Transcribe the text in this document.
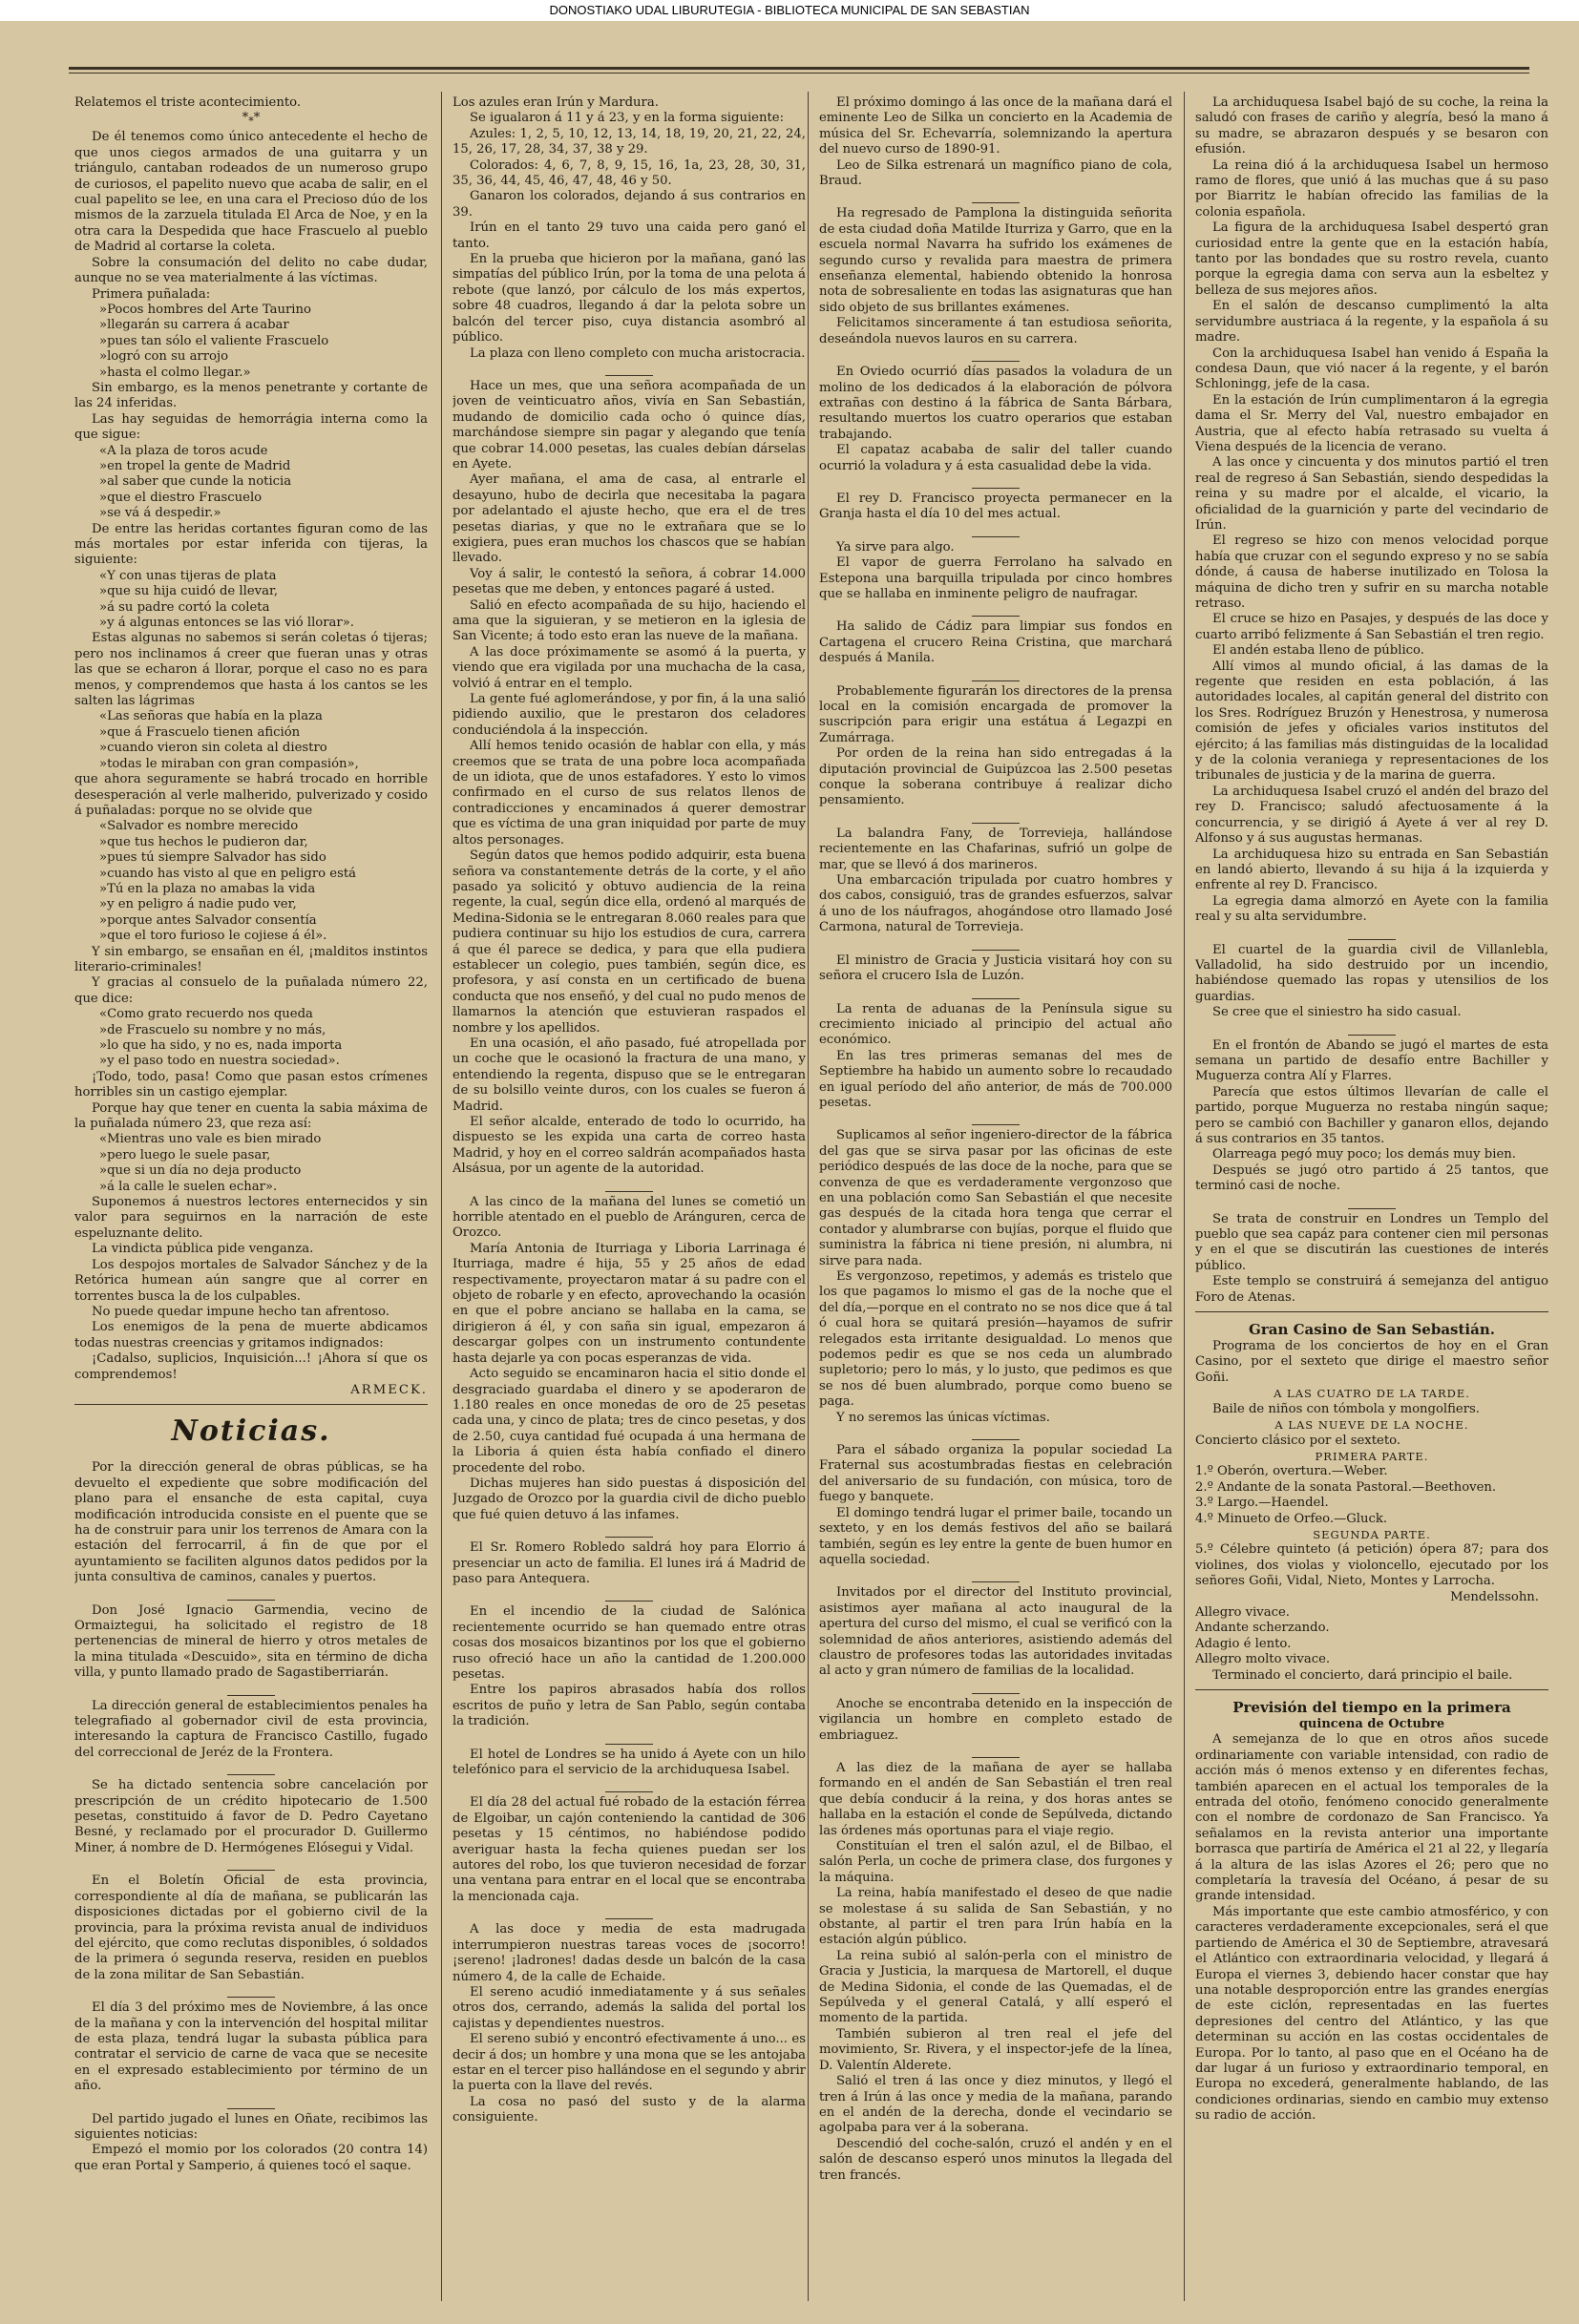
DONOSTIAKO UDAL LIBURUTEGIA - BIBLIOTECA MUNICIPAL DE SAN SEBASTIAN

Relatemos el triste acontecimiento.

$*_**$

De él tenemos como único antecedente el hecho de que unos ciegos armados de una guitarra y un triángulo, cantaban rodeados de un numeroso grupo de curiosos, el papelito nuevo que acaba de salir, en el cual papelito se lee, en una cara el Precioso dúo de los mismos de la zarzuela titulada El Arca de Noe, y en la otra cara la Despedida que hace Frascuelo al pueblo de Madrid al cortarse la coleta.

Sobre la consumación del delito no cabe dudar, aunque no se vea materialmente á las víctimas.

Primera puñalada:

»Pocos hombres del Arte Taurino

»llegarán su carrera á acabar

»pues tan sólo el valiente Frascuelo

»logró con su arrojo

»hasta el colmo llegar.»

Sin embargo, es la menos penetrante y cortante de las 24 inferidas.

Las hay seguidas de hemorrágia interna como la que sigue:

«A la plaza de toros acude

»en tropel la gente de Madrid

»al saber que cunde la noticia

»que el diestro Frascuelo

»se vá á despedir.»

De entre las heridas cortantes figuran como de las más mortales por estar inferida con tijeras, la siguiente:

«Y con unas tijeras de plata

»que su hija cuidó de llevar,

»á su padre cortó la coleta

»y á algunas entonces se las vió llorar».

Estas algunas no sabemos si serán coletas ó tijeras; pero nos inclinamos á creer que fueran unas y otras las que se echaron á llorar, porque el caso no es para menos, y comprendemos que hasta á los cantos se les salten las lágrimas

«Las señoras que había en la plaza

»que á Frascuelo tienen afición

»cuando vieron sin coleta al diestro

»todas le miraban con gran compasión»,

que ahora seguramente se habrá trocado en horrible desesperación al verle malherido, pulverizado y cosido á puñaladas: porque no se olvide que

«Salvador es nombre merecido

»que tus hechos le pudieron dar,

»pues tú siempre Salvador has sido

»cuando has visto al que en peligro está

»Tú en la plaza no amabas la vida

»y en peligro á nadie pudo ver,

»porque antes Salvador consentía

»que el toro furioso le cojiese á él».

Y sin embargo, se ensañan en él, ¡malditos instintos literario-criminales!

Y gracias al consuelo de la puñalada número 22, que dice:

«Como grato recuerdo nos queda

»de Frascuelo su nombre y no más,

»lo que ha sido, y no es, nada importa

»y el paso todo en nuestra sociedad».

¡Todo, todo, pasa! Como que pasan estos crímenes horribles sin un castigo ejemplar.

Porque hay que tener en cuenta la sabia máxima de la puñalada número 23, que reza así:

«Mientras uno vale es bien mirado

»pero luego le suele pasar,

»que si un día no deja producto

»á la calle le suelen echar».

Suponemos á nuestros lectores enternecidos y sin valor para seguirnos en la narración de este espeluznante delito.

La vindicta pública pide venganza.

Los despojos mortales de Salvador Sánchez y de la Retórica humean aún sangre que al correr en torrentes busca la de los culpables.

No puede quedar impune hecho tan afrentoso.

Los enemigos de la pena de muerte abdicamos todas nuestras creencias y gritamos indignados:

¡Cadalso, suplicios, Inquisición...! ¡Ahora sí que os comprendemos!

ARMECK.

Noticias.

Por la dirección general de obras públicas, se ha devuelto el expediente que sobre modificación del plano para el ensanche de esta capital, cuya modificación introducida consiste en el puente que se ha de construir para unir los terrenos de Amara con la estación del ferrocarril, á fin de que por el ayuntamiento se faciliten algunos datos pedidos por la junta consultiva de caminos, canales y puertos.

Don José Ignacio Garmendia, vecino de Ormaiztegui, ha solicitado el registro de 18 pertenencias de mineral de hierro y otros metales de la mina titulada «Descuido», sita en término de dicha villa, y punto llamado prado de Sagastiberriarán.

La dirección general de establecimientos penales ha telegrafiado al gobernador civil de esta provincia, interesando la captura de Francisco Castillo, fugado del correccional de Jeréz de la Frontera.

Se ha dictado sentencia sobre cancelación por prescripción de un crédito hipotecario de 1.500 pesetas, constituido á favor de D. Pedro Cayetano Besné, y reclamado por el procurador D. Guillermo Miner, á nombre de D. Hermógenes Elósegui y Vidal.

En el Boletín Oficial de esta provincia, correspondiente al día de mañana, se publicarán las disposiciones dictadas por el gobierno civil de la provincia, para la próxima revista anual de individuos del ejército, que como reclutas disponibles, ó soldados de la primera ó segunda reserva, residen en pueblos de la zona militar de San Sebastián.

El día 3 del próximo mes de Noviembre, á las once de la mañana y con la intervención del hospital militar de esta plaza, tendrá lugar la subasta pública para contratar el servicio de carne de vaca que se necesite en el expresado establecimiento por término de un año.

Del partido jugado el lunes en Oñate, recibimos las siguientes noticias:

Empezó el momio por los colorados (20 contra 14) que eran Portal y Samperio, á quienes tocó el saque.

Los azules eran Irún y Mardura.

Se igualaron á 11 y á 23, y en la forma siguiente:

Azules: 1, 2, 5, 10, 12, 13, 14, 18, 19, 20, 21, 22, 24, 15, 26, 17, 28, 34, 37, 38 y 29.

Colorados: 4, 6, 7, 8, 9, 15, 16, 1a, 23, 28, 30, 31, 35, 36, 44, 45, 46, 47, 48, 46 y 50.

Ganaron los colorados, dejando á sus contrarios en 39.

Irún en el tanto 29 tuvo una caida pero ganó el tanto.

En la prueba que hicieron por la mañana, ganó las simpatías del público Irún, por la toma de una pelota á rebote (que lanzó, por cálculo de los más expertos, sobre 48 cuadros, llegando á dar la pelota sobre un balcón del tercer piso, cuya distancia asombró al público.

La plaza con lleno completo con mucha aristocracia.

Hace un mes, que una señora acompañada de un joven de veinticuatro años, vivía en San Sebastián, mudando de domicilio cada ocho ó quince días, marchándose siempre sin pagar y alegando que tenía que cobrar 14.000 pesetas, las cuales debían dárselas en Ayete.

Ayer mañana, el ama de casa, al entrarle el desayuno, hubo de decirla que necesitaba la pagara por adelantado el ajuste hecho, que era el de tres pesetas diarias, y que no le extrañara que se lo exigiera, pues eran muchos los chascos que se habían llevado.

Voy á salir, le contestó la señora, á cobrar 14.000 pesetas que me deben, y entonces pagaré á usted.

Salió en efecto acompañada de su hijo, haciendo el ama que la siguieran, y se metieron en la iglesia de San Vicente; á todo esto eran las nueve de la mañana.

A las doce próximamente se asomó á la puerta, y viendo que era vigilada por una muchacha de la casa, volvió á entrar en el templo.

La gente fué aglomerándose, y por fin, á la una salió pidiendo auxilio, que le prestaron dos celadores conduciéndola á la inspección.

Allí hemos tenido ocasión de hablar con ella, y más creemos que se trata de una pobre loca acompañada de un idiota, que de unos estafadores. Y esto lo vimos confirmado en el curso de sus relatos llenos de contradicciones y encaminados á querer demostrar que es víctima de una gran iniquidad por parte de muy altos personages.

Según datos que hemos podido adquirir, esta buena señora va constantemente detrás de la corte, y el año pasado ya solicitó y obtuvo audiencia de la reina regente, la cual, según dice ella, ordenó al marqués de Medina-Sidonia se le entregaran 8.060 reales para que pudiera continuar su hijo los estudios de cura, carrera á que él parece se dedica, y para que ella pudiera establecer un colegio, pues también, según dice, es profesora, y así consta en un certificado de buena conducta que nos enseñó, y del cual no pudo menos de llamarnos la atención que estuvieran raspados el nombre y los apellidos.

En una ocasión, el año pasado, fué atropellada por un coche que le ocasionó la fractura de una mano, y entendiendo la regenta, dispuso que se le entregaran de su bolsillo veinte duros, con los cuales se fueron á Madrid.

El señor alcalde, enterado de todo lo ocurrido, ha dispuesto se les expida una carta de correo hasta Madrid, y hoy en el correo saldrán acompañados hasta Alsásua, por un agente de la autoridad.

A las cinco de la mañana del lunes se cometió un horrible atentado en el pueblo de Aránguren, cerca de Orozco.

María Antonia de Iturriaga y Liboria Larrinaga é Iturriaga, madre é hija, 55 y 25 años de edad respectivamente, proyectaron matar á su padre con el objeto de robarle y en efecto, aprovechando la ocasión en que el pobre anciano se hallaba en la cama, se dirigieron á él, y con saña sin igual, empezaron á descargar golpes con un instrumento contundente hasta dejarle ya con pocas esperanzas de vida.

Acto seguido se encaminaron hacia el sitio donde el desgraciado guardaba el dinero y se apoderaron de 1.180 reales en once monedas de oro de 25 pesetas cada una, y cinco de plata; tres de cinco pesetas, y dos de 2.50, cuya cantidad fué ocupada á una hermana de la Liboria á quien ésta había confiado el dinero procedente del robo.

Dichas mujeres han sido puestas á disposición del Juzgado de Orozco por la guardia civil de dicho pueblo que fué quien detuvo á las infames.

El Sr. Romero Robledo saldrá hoy para Elorrio á presenciar un acto de familia. El lunes irá á Madrid de paso para Antequera.

En el incendio de la ciudad de Salónica recientemente ocurrido se han quemado entre otras cosas dos mosaicos bizantinos por los que el gobierno ruso ofreció hace un año la cantidad de 1.200.000 pesetas.

Entre los papiros abrasados había dos rollos escritos de puño y letra de San Pablo, según contaba la tradición.

El hotel de Londres se ha unido á Ayete con un hilo telefónico para el servicio de la archiduquesa Isabel.

El día 28 del actual fué robado de la estación férrea de Elgoibar, un cajón conteniendo la cantidad de 306 pesetas y 15 céntimos, no habiéndose podido averiguar hasta la fecha quienes puedan ser los autores del robo, los que tuvieron necesidad de forzar una ventana para entrar en el local que se encontraba la mencionada caja.

A las doce y media de esta madrugada interrumpieron nuestras tareas voces de ¡socorro! ¡sereno! ¡ladrones! dadas desde un balcón de la casa número 4, de la calle de Echaide.

El sereno acudió inmediatamente y á sus señales otros dos, cerrando, además la salida del portal los cajistas y dependientes nuestros.

El sereno subió y encontró efectivamente á uno... es decir á dos; un hombre y una mona que se les antojaba estar en el tercer piso hallándose en el segundo y abrir la puerta con la llave del revés.

La cosa no pasó del susto y de la alarma consiguiente.

El próximo domingo á las once de la mañana dará el eminente Leo de Silka un concierto en la Academia de música del Sr. Echevarría, solemnizando la apertura del nuevo curso de 1890-91.

Leo de Silka estrenará un magnífico piano de cola, Braud.

Ha regresado de Pamplona la distinguida señorita de esta ciudad doña Matilde Iturriza y Garro, que en la escuela normal Navarra ha sufrido los exámenes de segundo curso y revalida para maestra de primera enseñanza elemental, habiendo obtenido la honrosa nota de sobresaliente en todas las asignaturas que han sido objeto de sus brillantes exámenes.

Felicitamos sinceramente á tan estudiosa señorita, deseándola nuevos lauros en su carrera.

En Oviedo ocurrió días pasados la voladura de un molino de los dedicados á la elaboración de pólvora extrañas con destino á la fábrica de Santa Bárbara, resultando muertos los cuatro operarios que estaban trabajando.

El capataz acababa de salir del taller cuando ocurrió la voladura y á esta casualidad debe la vida.

El rey D. Francisco proyecta permanecer en la Granja hasta el día 10 del mes actual.

Ya sirve para algo.

El vapor de guerra Ferrolano ha salvado en Estepona una barquilla tripulada por cinco hombres que se hallaba en inminente peligro de naufragar.

Ha salido de Cádiz para limpiar sus fondos en Cartagena el crucero Reina Cristina, que marchará después á Manila.

Probablemente figurarán los directores de la prensa local en la comisión encargada de promover la suscripción para erigir una estátua á Legazpi en Zumárraga.

Por orden de la reina han sido entregadas á la diputación provincial de Guipúzcoa las 2.500 pesetas conque la soberana contribuye á realizar dicho pensamiento.

La balandra Fany, de Torrevieja, hallándose recientemente en las Chafarinas, sufrió un golpe de mar, que se llevó á dos marineros.

Una embarcación tripulada por cuatro hombres y dos cabos, consiguió, tras de grandes esfuerzos, salvar á uno de los náufragos, ahogándose otro llamado José Carmona, natural de Torrevieja.

El ministro de Gracia y Justicia visitará hoy con su señora el crucero Isla de Luzón.

La renta de aduanas de la Península sigue su crecimiento iniciado al principio del actual año económico.

En las tres primeras semanas del mes de Septiembre ha habido un aumento sobre lo recaudado en igual período del año anterior, de más de 700.000 pesetas.

Suplicamos al señor ingeniero-director de la fábrica del gas que se sirva pasar por las oficinas de este periódico después de las doce de la noche, para que se convenza de que es verdaderamente vergonzoso que en una población como San Sebastián el que necesite gas después de la citada hora tenga que cerrar el contador y alumbrarse con bujías, porque el fluido que suministra la fábrica ni tiene presión, ni alumbra, ni sirve para nada.

Es vergonzoso, repetimos, y además es tristelo que los que pagamos lo mismo el gas de la noche que el del día,—porque en el contrato no se nos dice que á tal ó cual hora se quitará presión—hayamos de sufrir relegados esta irritante desigualdad. Lo menos que podemos pedir es que se nos ceda un alumbrado supletorio; pero lo más, y lo justo, que pedimos es que se nos dé buen alumbrado, porque como bueno se paga.

Y no seremos las únicas víctimas.

Para el sábado organiza la popular sociedad La Fraternal sus acostumbradas fiestas en celebración del aniversario de su fundación, con música, toro de fuego y banquete.

El domingo tendrá lugar el primer baile, tocando un sexteto, y en los demás festivos del año se bailará también, según es ley entre la gente de buen humor en aquella sociedad.

Invitados por el director del Instituto provincial, asistimos ayer mañana al acto inaugural de la apertura del curso del mismo, el cual se verificó con la solemnidad de años anteriores, asistiendo además del claustro de profesores todas las autoridades invitadas al acto y gran número de familias de la localidad.

Anoche se encontraba detenido en la inspección de vigilancia un hombre en completo estado de embriaguez.

A las diez de la mañana de ayer se hallaba formando en el andén de San Sebastián el tren real que debía conducir á la reina, y dos horas antes se hallaba en la estación el conde de Sepúlveda, dictando las órdenes más oportunas para el viaje regio.

Constituían el tren el salón azul, el de Bilbao, el salón Perla, un coche de primera clase, dos furgones y la máquina.

La reina, había manifestado el deseo de que nadie se molestase á su salida de San Sebastián, y no obstante, al partir el tren para Irún había en la estación algún público.

La reina subió al salón-perla con el ministro de Gracia y Justicia, la marquesa de Martorell, el duque de Medina Sidonia, el conde de las Quemadas, el de Sepúlveda y el general Catalá, y allí esperó el momento de la partida.

También subieron al tren real el jefe del movimiento, Sr. Rivera, y el inspector-jefe de la línea, D. Valentín Alderete.

Salió el tren á las once y diez minutos, y llegó el tren á Irún á las once y media de la mañana, parando en el andén de la derecha, donde el vecindario se agolpaba para ver á la soberana.

Descendió del coche-salón, cruzó el andén y en el salón de descanso esperó unos minutos la llegada del tren francés.

La archiduquesa Isabel bajó de su coche, la reina la saludó con frases de cariño y alegría, besó la mano á su madre, se abrazaron después y se besaron con efusión.

La reina dió á la archiduquesa Isabel un hermoso ramo de flores, que unió á las muchas que á su paso por Biarritz le habían ofrecido las familias de la colonia española.

La figura de la archiduquesa Isabel despertó gran curiosidad entre la gente que en la estación había, tanto por las bondades que su rostro revela, cuanto porque la egregia dama con serva aun la esbeltez y belleza de sus mejores años.

En el salón de descanso cumplimentó la alta servidumbre austriaca á la regente, y la española á su madre.

Con la archiduquesa Isabel han venido á España la condesa Daun, que vió nacer á la regente, y el barón Schloningg, jefe de la casa.

En la estación de Irún cumplimentaron á la egregia dama el Sr. Merry del Val, nuestro embajador en Austria, que al efecto había retrasado su vuelta á Viena después de la licencia de verano.

A las once y cincuenta y dos minutos partió el tren real de regreso á San Sebastián, siendo despedidas la reina y su madre por el alcalde, el vicario, la oficialidad de la guarnición y parte del vecindario de Irún.

El regreso se hizo con menos velocidad porque había que cruzar con el segundo expreso y no se sabía dónde, á causa de haberse inutilizado en Tolosa la máquina de dicho tren y sufrir en su marcha notable retraso.

El cruce se hizo en Pasajes, y después de las doce y cuarto arribó felizmente á San Sebastián el tren regio.

El andén estaba lleno de público.

Allí vimos al mundo oficial, á las damas de la regente que residen en esta población, á las autoridades locales, al capitán general del distrito con los Sres. Rodríguez Bruzón y Henestrosa, y numerosa comisión de jefes y oficiales varios institutos del ejército; á las familias más distinguidas de la localidad y de la colonia veraniega y representaciones de los tribunales de justicia y de la marina de guerra.

La archiduquesa Isabel cruzó el andén del brazo del rey D. Francisco; saludó afectuosamente á la concurrencia, y se dirigió á Ayete á ver al rey D. Alfonso y á sus augustas hermanas.

La archiduquesa hizo su entrada en San Sebastián en landó abierto, llevando á su hija á la izquierda y enfrente al rey D. Francisco.

La egregia dama almorzó en Ayete con la familia real y su alta servidumbre.

El cuartel de la guardia civil de Villanlebla, Valladolid, ha sido destruido por un incendio, habiéndose quemado las ropas y utensilios de los guardias.

Se cree que el siniestro ha sido casual.

En el frontón de Abando se jugó el martes de esta semana un partido de desafío entre Bachiller y Muguerza contra Alí y Flarres.

Parecía que estos últimos llevarían de calle el partido, porque Muguerza no restaba ningún saque; pero se cambió con Bachiller y ganaron ellos, dejando á sus contrarios en 35 tantos.

Olarreaga pegó muy poco; los demás muy bien.

Después se jugó otro partido á 25 tantos, que terminó casi de noche.

Se trata de construir en Londres un Templo del pueblo que sea capáz para contener cien mil personas y en el que se discutirán las cuestiones de interés público.

Este templo se construirá á semejanza del antiguo Foro de Atenas.

Gran Casino de San Sebastián.

Programa de los conciertos de hoy en el Gran Casino, por el sexteto que dirige el maestro señor Goñi.

A LAS CUATRO DE LA TARDE.

Baile de niños con tómbola y mongolfiers.

A LAS NUEVE DE LA NOCHE.

Concierto clásico por el sexteto.

PRIMERA PARTE.

1.º Oberón, overtura.—Weber.

2.º Andante de la sonata Pastoral.—Beethoven.

3.º Largo.—Haendel.

4.º Minueto de Orfeo.—Gluck.

SEGUNDA PARTE.

5.º Célebre quinteto (á petición) ópera 87; para dos violines, dos violas y violoncello, ejecutado por los señores Goñi, Vidal, Nieto, Montes y Larrocha.

Mendelssohn.

Allegro vivace.

Andante scherzando.

Adagio é lento.

Allegro molto vivace.

Terminado el concierto, dará principio el baile.

Previsión del tiempo en la primera
quincena de Octubre

A semejanza de lo que en otros años sucede ordinariamente con variable intensidad, con radio de acción más ó menos extenso y en diferentes fechas, también aparecen en el actual los temporales de la entrada del otoño, fenómeno conocido generalmente con el nombre de cordonazo de San Francisco. Ya señalamos en la revista anterior una importante borrasca que partiría de América el 21 al 22, y llegaría á la altura de las islas Azores el 26; pero que no completaría la travesía del Océano, á pesar de su grande intensidad.

Más importante que este cambio atmosférico, y con caracteres verdaderamente excepcionales, será el que partiendo de América el 30 de Septiembre, atravesará el Atlántico con extraordinaria velocidad, y llegará á Europa el viernes 3, debiendo hacer constar que hay una notable desproporción entre las grandes energías de este ciclón, representadas en las fuertes depresiones del centro del Atlántico, y las que determinan su acción en las costas occidentales de Europa. Por lo tanto, al paso que en el Océano ha de dar lugar á un furioso y extraordinario temporal, en Europa no excederá, generalmente hablando, de las condiciones ordinarias, siendo en cambio muy extenso su radio de acción.
